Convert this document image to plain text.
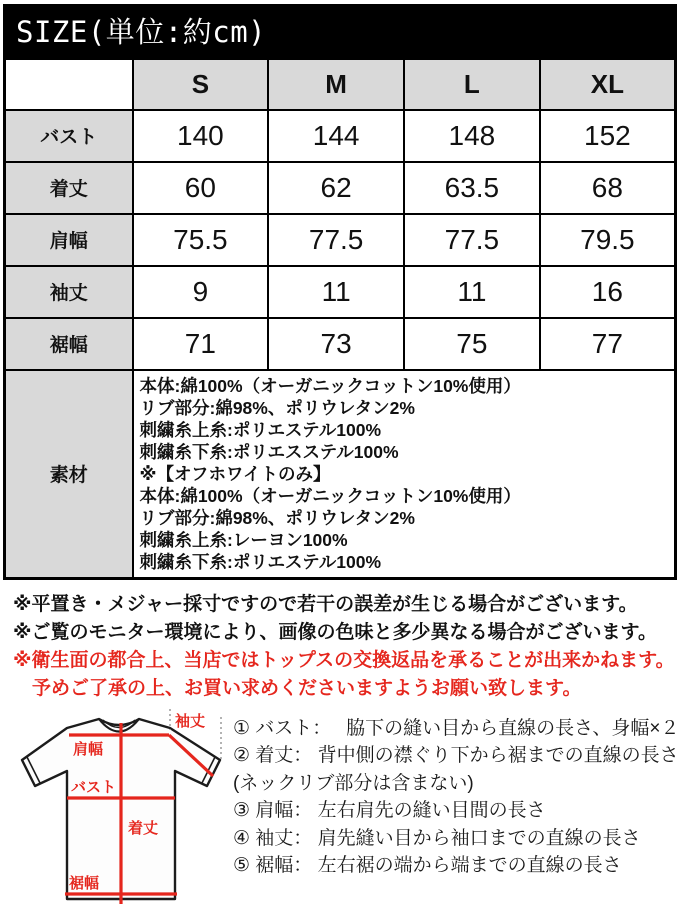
SIZE(単位:約cm)
	S	M	L	XL
バスト	140	144	148	152
着丈	60	62	63.5	68
肩幅	75.5	77.5	77.5	79.5
袖丈	9	11	11	16
裾幅	71	73	75	77
素材	
本体:綿100%（オーガニックコットン10%使用）
リブ部分:綿98%、ポリウレタン2%
刺繍糸上糸:ポリエステル100%
刺繍糸下糸:ポリエスステル100%
※【オフホワイトのみ】
本体:綿100%（オーガニックコットン10%使用）
リブ部分:綿98%、ポリウレタン2%
刺繍糸上糸:レーヨン100%
刺繍糸下糸:ポリエステル100%
※平置き・メジャー採寸ですので若干の誤差が生じる場合がございます。
※ご覧のモニター環境により、画像の色味と多少異なる場合がございます。
※衛生面の都合上、当店ではトップスの交換返品を承ることが出来かねます。
予めご了承の上、お買い求めくださいますようお願い致します。
袖丈
肩幅
バスト
着丈
裾幅
① バスト：　 脇下の縫い目から直線の長さ、身幅×２
② 着丈： 背中側の襟ぐり下から裾までの直線の長さ
(ネックリブ部分は含まない)
③ 肩幅： 左右肩先の縫い目間の長さ
④ 袖丈： 肩先縫い目から袖口までの直線の長さ
⑤ 裾幅： 左右裾の端から端までの直線の長さ
